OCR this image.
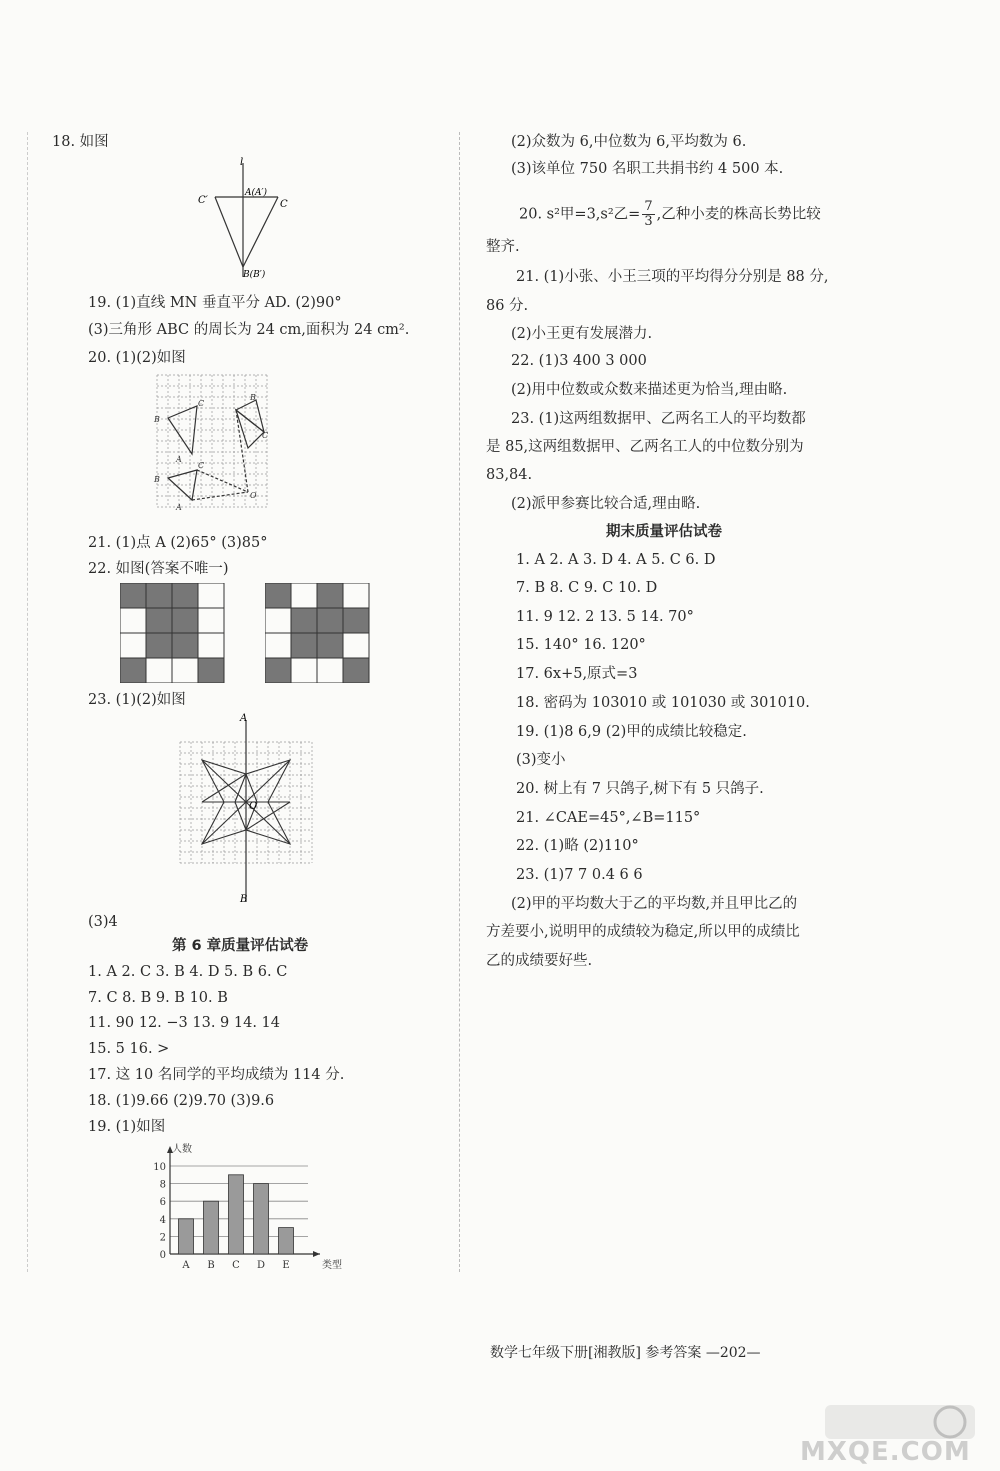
18. 如图
l
C′
A(A′)
C
B(B′)
19. (1)直线 MN 垂直平分 AD. (2)90°
(3)三角形 ABC 的周长为 24 cm,面积为 24 cm².
20. (1)(2)如图
B
C
A
B
C
A
B
C
O
21. (1)点 A (2)65° (3)85°
22. 如图(答案不唯一)
23. (1)(2)如图
A
B
O
(3)4
第 6 章质量评估试卷
1. A 2. C 3. B 4. D 5. B 6. C
7. C 8. B 9. B 10. B
11. 90 12. −3 13. 9 14. 14
15. 5 16. >
17. 这 10 名同学的平均成绩为 114 分.
18. (1)9.66 (2)9.70 (3)9.6
19. (1)如图
0
2
4
6
8
10
人数
类型
A B C D E
(2)众数为 6,中位数为 6,平均数为 6.
(3)该单位 750 名职工共捐书约 4 500 本.
20. s²甲=3,s²乙= $\frac{7}{3}$ ,乙种小麦的株高长势比较
整齐.
21. (1)小张、小王三项的平均得分分别是 88 分,
86 分.
(2)小王更有发展潜力.
22. (1)3 400 3 000
(2)用中位数或众数来描述更为恰当,理由略.
23. (1)这两组数据甲、乙两名工人的平均数都
是 85,这两组数据甲、乙两名工人的中位数分别为
83,84.
(2)派甲参赛比较合适,理由略.
期末质量评估试卷
1. A 2. A 3. D 4. A 5. C 6. D
7. B 8. C 9. C 10. D
11. 9 12. 2 13. 5 14. 70°
15. 140° 16. 120°
17. 6x+5,原式=3
18. 密码为 103010 或 101030 或 301010.
19. (1)8 6,9 (2)甲的成绩比较稳定.
(3)变小
20. 树上有 7 只鸽子,树下有 5 只鸽子.
21. ∠CAE=45°,∠B=115°
22. (1)略 (2)110°
23. (1)7 7 0.4 6 6
(2)甲的平均数大于乙的平均数,并且甲比乙的
方差要小,说明甲的成绩较为稳定,所以甲的成绩比
乙的成绩要好些.
数学七年级下册[湘教版] 参考答案 —202—
MXQE.COM
